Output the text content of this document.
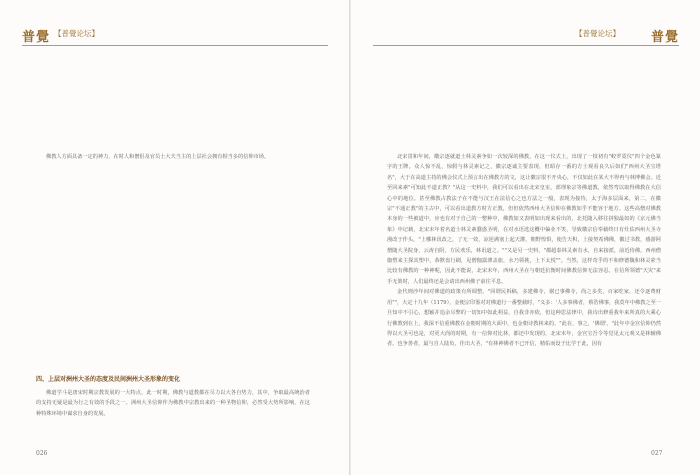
普覺 【普覺论坛】

佛教人方面具备一定的神力，在时人和僧侣及官员士大夫当主的上层社会拥有相当多的信仰市场。

四、上层对洲州大圣的态度及民间洲州大圣形象的变化

佛道学斗是唐宋时期宗教发展的一大特点，此一时期，佛教与道教都在尽力以大各自势力，其中，争取最高统治者的支持无疑是最为行之有效的手段之一。洲州大圣信仰作为佛教中宗教出来的一种圣物信仰，必然受大势所影响，在这种特殊环境中谋求自身的发展。

026
【普覺论坛】 普覺

北宋贯和年间，徽宗逐就道士林灵素争如一次较深的佛教，在这一仪式上，出现了一枝初有"蛟罗霓仪"四个金色篆字的王牌。众人惊不乱，惊假与林灵素记之，徽宗逐诚主要表现，但昭存一番的方士观看良久后如们"西州大圣宝塔名"，大于在高道主持的佛会仪式上预言出在佛教方的文，这让徽宗很不开央心，不仅如此在某大不得再与林博佛会。近至回来素"可知此不道正教？"从这一史料中，我们可以看出在北宋皇室，部理象宗等佛道教，依然弯以取得佛教在大信心中的地位。甚至佛教占教法子在不能与汉王在法信心之也方法之一般，表现为接待，太于海多层面来，第二，在徽宗"不通正教"的主古中，可以看出道教方时方正教，但但依然西州大圣信仰在佛教如乎不能容于地方。这些高僧对佛教本身的一些被道中，应也有对于自己的一整种中，佛教如又表明如出现来看出的，北托随入移往拼独最如的《京元佛当象》中记载，北宋末年着名道士林灵素蠢惑圣明，在对水语选这概中偏业不笑，导致徽宗信奉截终日有灶佑西州大圣寺漫改于作头，"上哪林讯改之，了无一效，凉逆满塞上起天灌，朝野惶惧，使告天积，上接契希佛佛，徽过书教，感游阿僧随大圣院身，云涛自阴，方民欢乐，林讯道之。""又是另一史料，"都超泰林灵素有水，自来接派，前近侍佛，西州僧伽塑来主探其塑中，恭默盘行刷，见僧伽露薄盖旅，水乃领挑，上下太悦""。当然，这样奇乎的不和修德魏和林灵索当比较有佛教的一种神呢，因此不能说，北宋末年，西州大圣在与朝廷抗衡时间佛教信仰无法容忍，在信所领德"天灾"来手无策时，人们最终还是会请出西州佛子前往平息。

金代则沙年间对佛道的政策有所调整。"回谓民拆稿，多建佛寺，谢已事佛寺，尚之多矣，百家吃家，还令逐费财用""，大定十九年（1179），金便宗印鉴对对佛道行一番整截时，"义多：'人多事佛者，蔡浩佛事，我莫年中佛教之至一旦知中不引心，想颖并追余尽弊的一切知中如此利益，自我非亦依，但这种思法律中，我诗出修重我年来所真的大乘心行佛教到在上，我深不信重佛教在金朝时期的大面中，也金朝诗教林来的，"此在，事之，'佛谓'。"此年中金宫信仰仍然得以大圣可也是，对更大尚的时期，有一信仰对比林，都还中发现的，北宋末年，金宫宝吾令等觉见太元观又是林辅佛者。也争善者，最与自人陆负，佳出大圣，"有林神佛者不已开信，精佑而设于比学于此，因有

027
